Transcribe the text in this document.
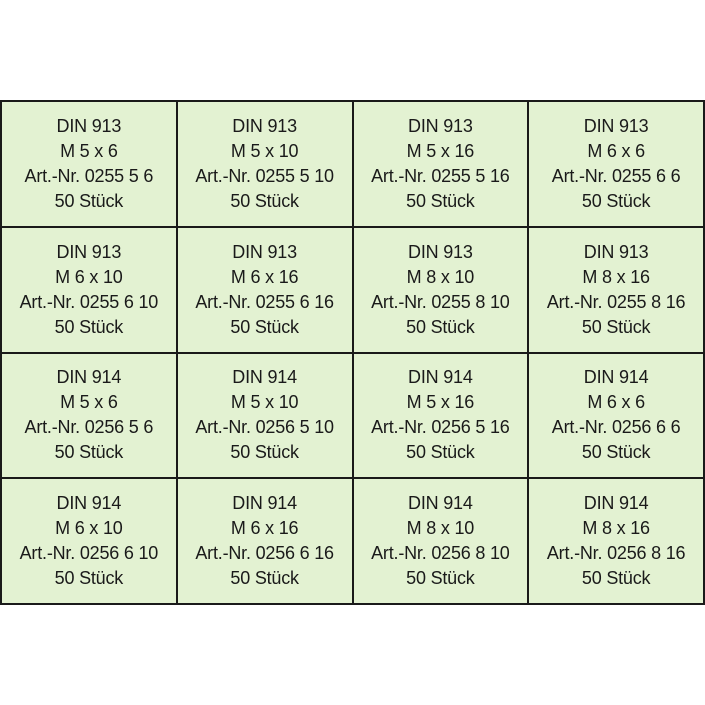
DIN 913
M 5 x 6
Art.-Nr. 0255 5 6
50 Stück
DIN 913
M 5 x 10
Art.-Nr. 0255 5 10
50 Stück
DIN 913
M 5 x 16
Art.-Nr. 0255 5 16
50 Stück
DIN 913
M 6 x 6
Art.-Nr. 0255 6 6
50 Stück
DIN 913
M 6 x 10
Art.-Nr. 0255 6 10
50 Stück
DIN 913
M 6 x 16
Art.-Nr. 0255 6 16
50 Stück
DIN 913
M 8 x 10
Art.-Nr. 0255 8 10
50 Stück
DIN 913
M 8 x 16
Art.-Nr. 0255 8 16
50 Stück
DIN 914
M 5 x 6
Art.-Nr. 0256 5 6
50 Stück
DIN 914
M 5 x 10
Art.-Nr. 0256 5 10
50 Stück
DIN 914
M 5 x 16
Art.-Nr. 0256 5 16
50 Stück
DIN 914
M 6 x 6
Art.-Nr. 0256 6 6
50 Stück
DIN 914
M 6 x 10
Art.-Nr. 0256 6 10
50 Stück
DIN 914
M 6 x 16
Art.-Nr. 0256 6 16
50 Stück
DIN 914
M 8 x 10
Art.-Nr. 0256 8 10
50 Stück
DIN 914
M 8 x 16
Art.-Nr. 0256 8 16
50 Stück
